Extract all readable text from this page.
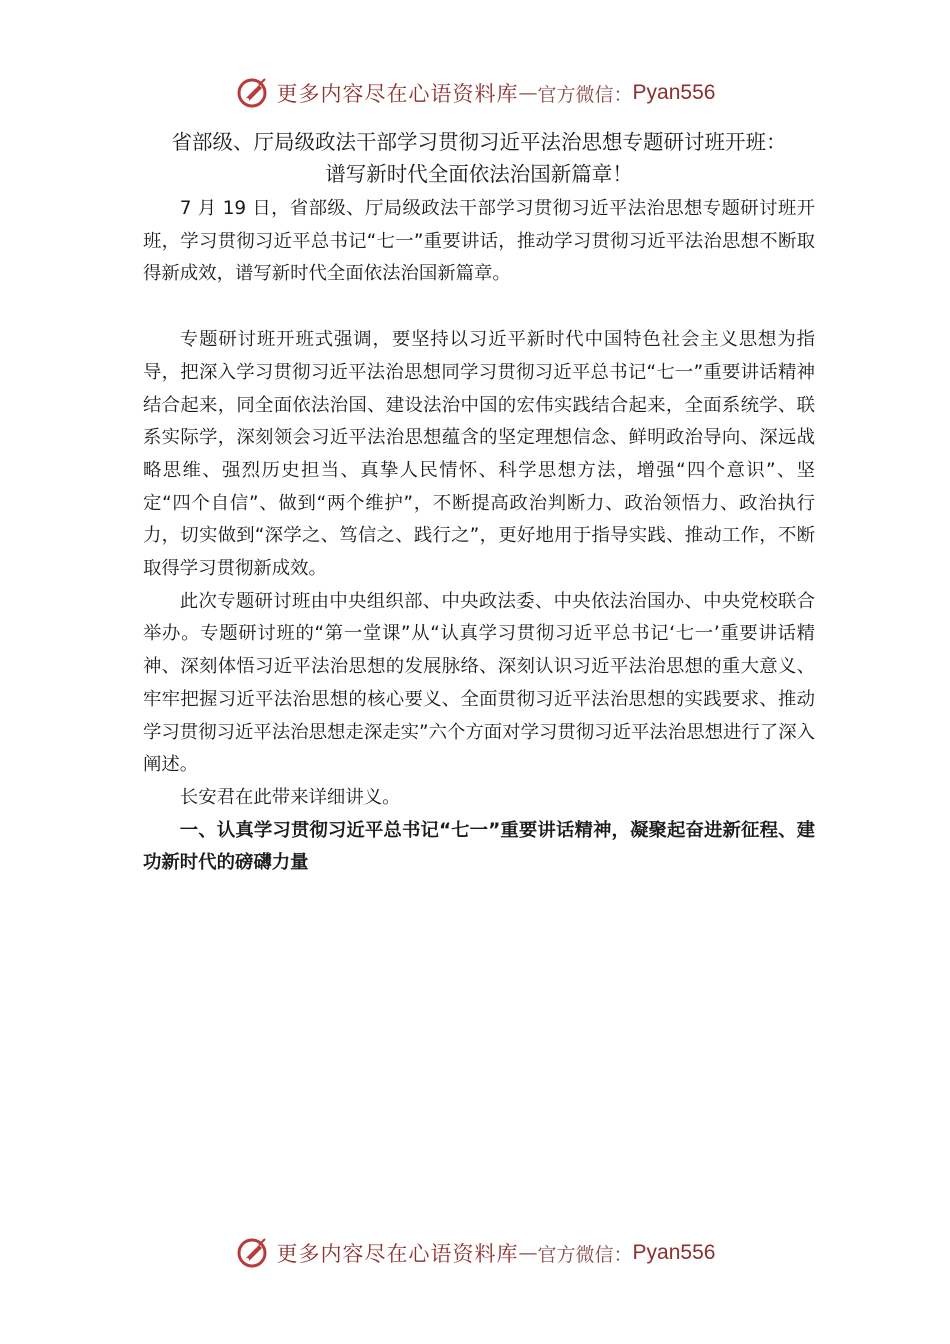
更多内容尽在心语资料库 — 官方微信： Pyan556
省部级、厅局级政法干部学习贯彻习近平法治思想专题研讨班开班：
谱写新时代全面依法治国新篇章！

7 月 19 日，省部级、厅局级政法干部学习贯彻习近平法治思想专题研讨班开班，学习贯彻习近平总书记“七一”重要讲话，推动学习贯彻习近平法治思想不断取得新成效，谱写新时代全面依法治国新篇章。

专题研讨班开班式强调，要坚持以习近平新时代中国特色社会主义思想为指导，把深入学习贯彻习近平法治思想同学习贯彻习近平总书记“七一”重要讲话精神结合起来，同全面依法治国、建设法治中国的宏伟实践结合起来，全面系统学、联系实际学，深刻领会习近平法治思想蕴含的坚定理想信念、鲜明政治导向、深远战略思维、强烈历史担当、真挚人民情怀、科学思想方法，增强“四个意识”、坚定“四个自信”、做到“两个维护”，不断提高政治判断力、政治领悟力、政治执行力，切实做到“深学之、笃信之、践行之”，更好地用于指导实践、推动工作，不断取得学习贯彻新成效。

此次专题研讨班由中央组织部、中央政法委、中央依法治国办、中央党校联合举办。专题研讨班的“第一堂课”从“认真学习贯彻习近平总书记‘七一’重要讲话精神、深刻体悟习近平法治思想的发展脉络、深刻认识习近平法治思想的重大意义、牢牢把握习近平法治思想的核心要义、全面贯彻习近平法治思想的实践要求、推动学习贯彻习近平法治思想走深走实”六个方面对学习贯彻习近平法治思想进行了深入阐述。

长安君在此带来详细讲义。

一、认真学习贯彻习近平总书记“七一”重要讲话精神，凝聚起奋进新征程、建功新时代的磅礴力量

更多内容尽在心语资料库 — 官方微信： Pyan556
